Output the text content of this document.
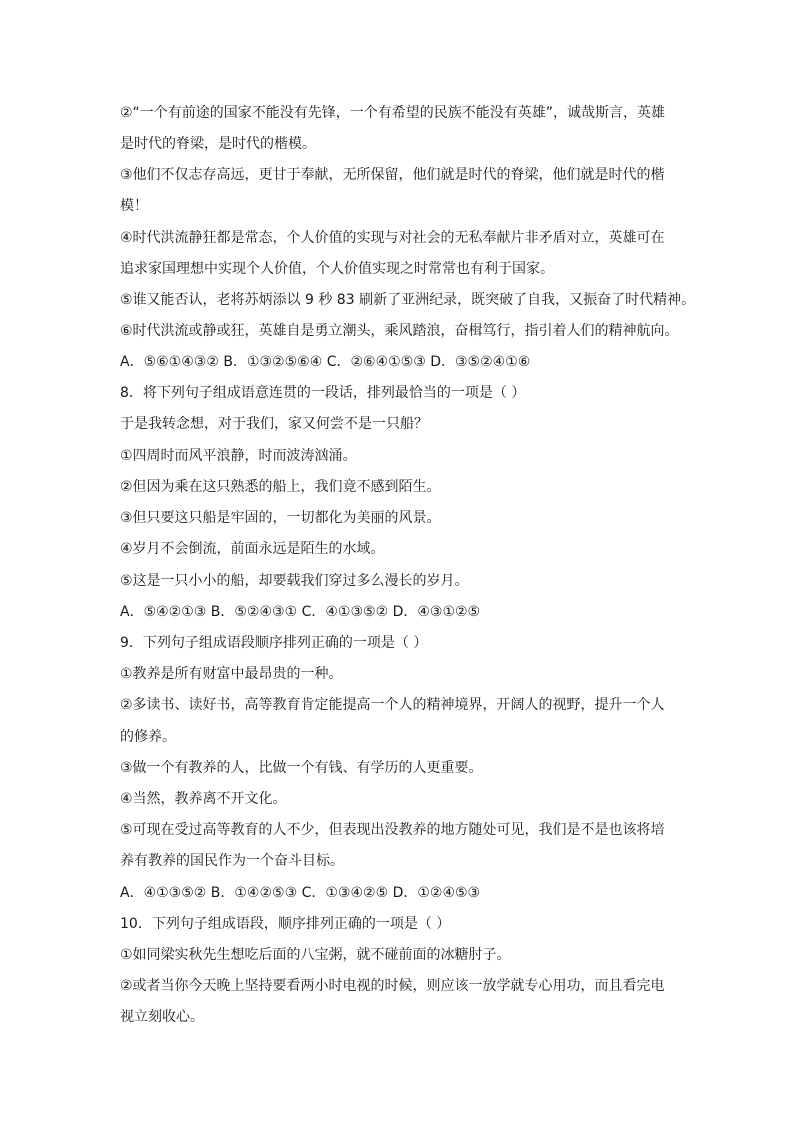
②“一个有前途的国家不能没有先锋，一个有希望的民族不能没有英雄”，诚哉斯言，英雄
是时代的脊梁，是时代的楷模。
③他们不仅志存高远，更甘于奉献，无所保留，他们就是时代的脊梁，他们就是时代的楷
模！
④时代洪流静狂都是常态，个人价值的实现与对社会的无私奉献片非矛盾对立，英雄可在
追求家国理想中实现个人价值，个人价值实现之时常常也有利于国家。
⑤谁又能否认，老将苏炳添以 9 秒 83 刷新了亚洲纪录，既突破了自我，又振奋了时代精神。
⑥时代洪流或静或狂，英雄自是勇立潮头，乘风踏浪，奋楫笃行，指引着人们的精神航向。
A．⑤⑥①④③② B．①③②⑤⑥④ C．②⑥④①⑤③ D．③⑤②④①⑥
8．将下列句子组成语意连贯的一段话，排列最恰当的一项是（ ）
于是我转念想，对于我们，家又何尝不是一只船？
①四周时而风平浪静，时而波涛汹涌。
②但因为乘在这只熟悉的船上，我们竟不感到陌生。
③但只要这只船是牢固的，一切都化为美丽的风景。
④岁月不会倒流，前面永远是陌生的水域。
⑤这是一只小小的船，却要载我们穿过多么漫长的岁月。
A．⑤④②①③ B．⑤②④③① C．④①③⑤② D．④③①②⑤
9．下列句子组成语段顺序排列正确的一项是（ ）
①教养是所有财富中最昂贵的一种。
②多读书、读好书，高等教育肯定能提高一个人的精神境界，开阔人的视野，提升一个人
的修养。
③做一个有教养的人，比做一个有钱、有学历的人更重要。
④当然，教养离不开文化。
⑤可现在受过高等教育的人不少，但表现出没教养的地方随处可见，我们是不是也该将培
养有教养的国民作为一个奋斗目标。
A．④①③⑤② B．①④②⑤③ C．①③④②⑤ D．①②④⑤③
10．下列句子组成语段，顺序排列正确的一项是（ ）
①如同梁实秋先生想吃后面的八宝粥，就不碰前面的冰糖肘子。
②或者当你今天晚上坚持要看两小时电视的时候，则应该一放学就专心用功，而且看完电
视立刻收心。
